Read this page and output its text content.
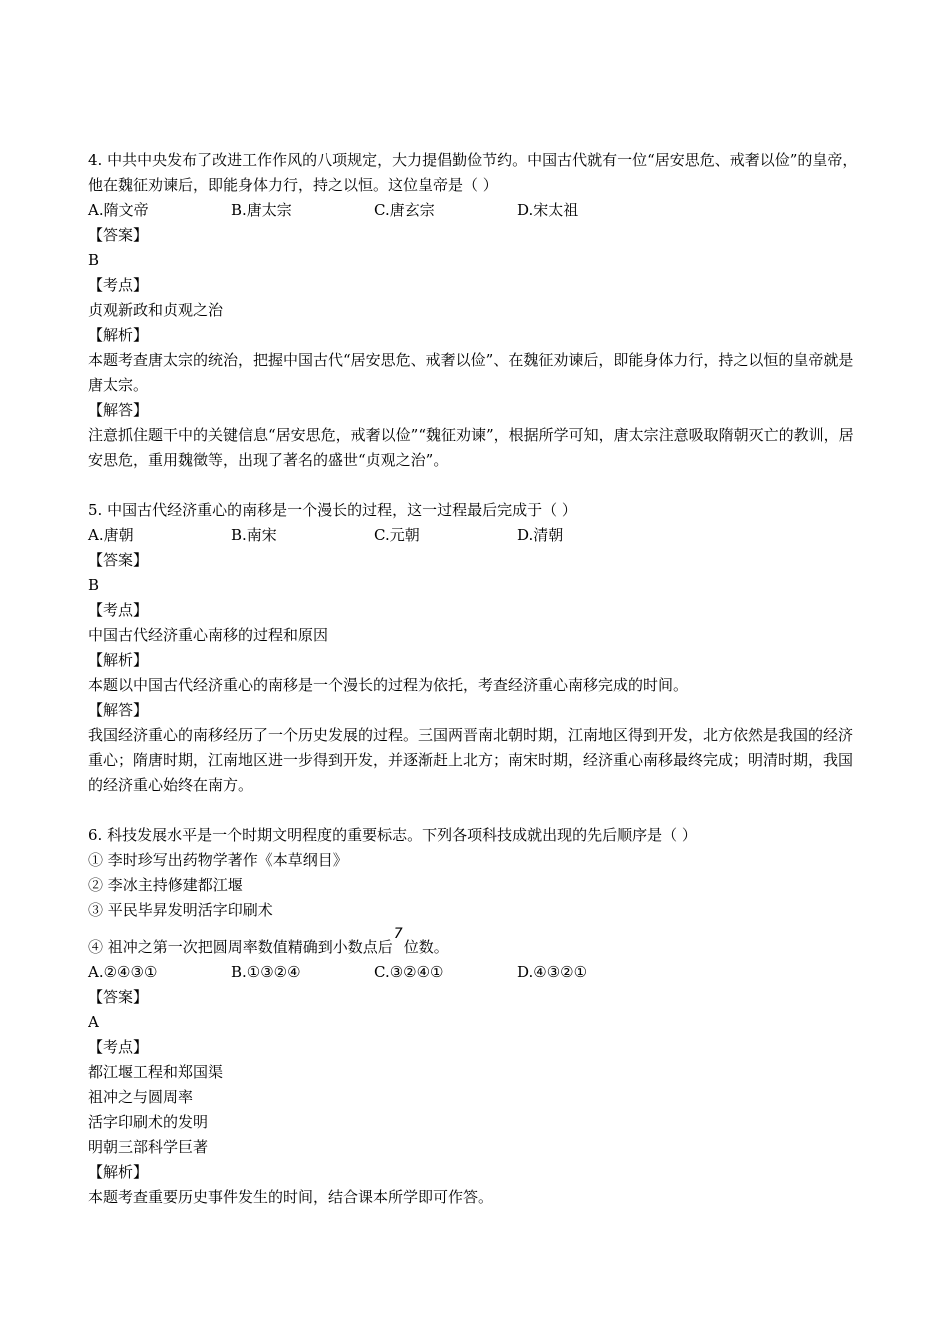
4. 中共中央发布了改进工作作风的八项规定，大力提倡勤俭节约。中国古代就有一位“居安思危、戒奢以俭”的皇帝，他在魏征劝谏后，即能身体力行，持之以恒。这位皇帝是（ ）
A.隋文帝	B.唐太宗	C.唐玄宗	D.宋太祖
【答案】
B
【考点】
贞观新政和贞观之治
【解析】
本题考查唐太宗的统治，把握中国古代“居安思危、戒奢以俭”、在魏征劝谏后，即能身体力行，持之以恒的皇帝就是唐太宗。
【解答】
注意抓住题干中的关键信息“居安思危，戒奢以俭”“魏征劝谏”，根据所学可知，唐太宗注意吸取隋朝灭亡的教训，居安思危，重用魏徵等，出现了著名的盛世“贞观之治”。
5. 中国古代经济重心的南移是一个漫长的过程，这一过程最后完成于（ ）
A.唐朝	B.南宋	C.元朝	D.清朝
【答案】
B
【考点】
中国古代经济重心南移的过程和原因
【解析】
本题以中国古代经济重心的南移是一个漫长的过程为依托，考查经济重心南移完成的时间。
【解答】
我国经济重心的南移经历了一个历史发展的过程。三国两晋南北朝时期，江南地区得到开发，北方依然是我国的经济重心；隋唐时期，江南地区进一步得到开发，并逐渐赶上北方；南宋时期，经济重心南移最终完成；明清时期，我国的经济重心始终在南方。
6. 科技发展水平是一个时期文明程度的重要标志。下列各项科技成就出现的先后顺序是（ ）
① 李时珍写出药物学著作《本草纲目》
② 李冰主持修建都江堰
③ 平民毕昇发明活字印刷术
④ 祖冲之第一次把圆周率数值精确到小数点后7位数。
A.②④③①	B.①③②④	C.③②④①	D.④③②①
【答案】
A
【考点】
都江堰工程和郑国渠
祖冲之与圆周率
活字印刷术的发明
明朝三部科学巨著
【解析】
本题考查重要历史事件发生的时间，结合课本所学即可作答。
